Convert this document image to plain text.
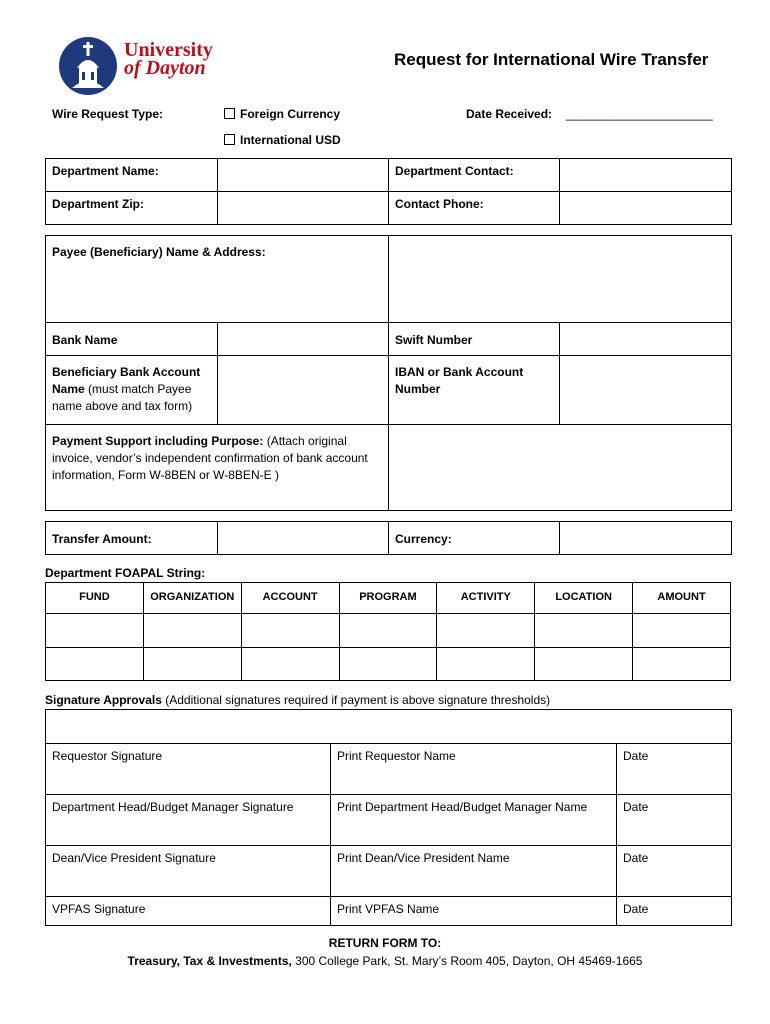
University
of Dayton	Request for International Wire Transfer
Wire Request Type:	Foreign Currency
International USD
Date Received: ______________________
Department Name:		Department Contact:	
Department Zip:		Contact Phone:	
Payee (Beneficiary) Name & Address:			
Bank Name		Swift Number	
Beneficiary Bank Account Name (must match Payee name above and tax form)		IBAN or Bank Account Number	
Payment Support including Purpose: (Attach original invoice, vendor’s independent confirmation of bank account information, Form W-8BEN or W-8BEN-E )			
Transfer Amount:		Currency:	
Department FOAPAL String:
FUND	ORGANIZATION	ACCOUNT	PROGRAM	ACTIVITY	LOCATION	AMOUNT

Signature Approvals (Additional signatures required if payment is above signature thresholds)

Requestor Signature	Print Requestor Name	Date
Department Head/Budget Manager Signature	Print Department Head/Budget Manager Name	Date
Dean/Vice President Signature	Print Dean/Vice President Name	Date
VPFAS Signature	Print VPFAS Name	Date
RETURN FORM TO:
Treasury, Tax & Investments, 300 College Park, St. Mary’s Room 405, Dayton, OH 45469-1665
